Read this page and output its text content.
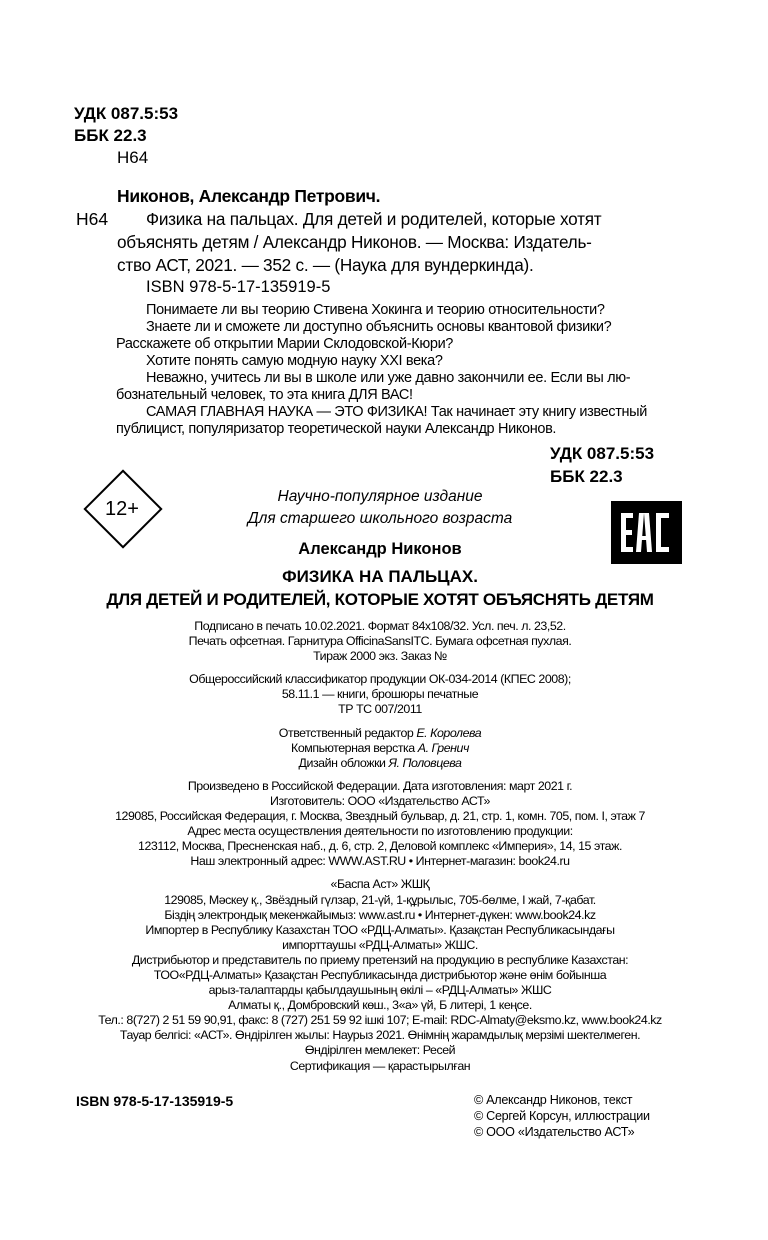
УДК 087.5:53
ББК 22.3
Н64
Никонов, Александр Петрович.
Н64 Физика на пальцах. Для детей и родителей, которые хотят
объяснять детям / Александр Никонов. — Москва: Издатель-
ство АСТ, 2021. — 352 с. — (Наука для вундеркинда).
ISBN 978-5-17-135919-5

Понимаете ли вы теорию Стивена Хокинга и теорию относительности?

Знаете ли и сможете ли доступно объяснить основы квантовой физики?

Расскажете об открытии Марии Склодовской-Кюри?

Хотите понять самую модную науку XXI века?

Неважно, учитесь ли вы в школе или уже давно закончили ее. Если вы лю-

бознательный человек, то эта книга ДЛЯ ВАС!

САМАЯ ГЛАВНАЯ НАУКА — ЭТО ФИЗИКА! Так начинает эту книгу известный

публицист, популяризатор теоретической науки Александр Никонов.

УДК 087.5:53
ББК 22.3
12+
Научно-популярное издание
Для старшего школьного возраста
Александр Никонов
ФИЗИКА НА ПАЛЬЦАХ.
ДЛЯ ДЕТЕЙ И РОДИТЕЛЕЙ, КОТОРЫЕ ХОТЯТ ОБЪЯСНЯТЬ ДЕТЯМ

Подписано в печать 10.02.2021. Формат 84x108/32. Усл. печ. л. 23,52.

Печать офсетная. Гарнитура OfficinaSansITC. Бумага офсетная пухлая.

Тираж 2000 экз. Заказ №

Общероссийский классификатор продукции ОК-034-2014 (КПЕС 2008);

58.11.1 — книги, брошюры печатные

ТР ТС 007/2011

Ответственный редактор Е. Королева

Компьютерная верстка А. Гренич

Дизайн обложки Я. Половцева

Произведено в Российской Федерации. Дата изготовления: март 2021 г.

Изготовитель: ООО «Издательство АСТ»

129085, Российская Федерация, г. Москва, Звездный бульвар, д. 21, стр. 1, комн. 705, пом. I, этаж 7

Адрес места осуществления деятельности по изготовлению продукции:

123112, Москва, Пресненская наб., д. 6, стр. 2, Деловой комплекс «Империя», 14, 15 этаж.

Наш электронный адрес: WWW.AST.RU • Интернет-магазин: book24.ru

«Баспа Аст» ЖШҚ

129085, Мәскеу қ., Звёздный гүлзар, 21-үй, 1-құрылыс, 705-бөлме, I жай, 7-қабат.

Біздің электрондық мекенжайымыз: www.ast.ru • Интернет-дүкен: www.book24.kz

Импортер в Республику Казахстан ТОО «РДЦ-Алматы». Қазақстан Республикасындағы

импорттаушы «РДЦ-Алматы» ЖШС.

Дистрибьютор и представитель по приему претензий на продукцию в республике Казахстан:

ТОО«РДЦ-Алматы» Қазақстан Республикасында дистрибьютор және өнім бойынша

арыз-талаптарды қабылдаушының өкілі – «РДЦ-Алматы» ЖШС

Алматы қ., Домбровский көш., 3«а» үй, Б литері, 1 кеңсе.

Тел.: 8(727) 2 51 59 90,91, факс: 8 (727) 251 59 92 ішкі 107; E-mail: RDC-Almaty@eksmo.kz, www.book24.kz

Тауар белгісі: «АСТ». Өндірілген жылы: Наурыз 2021. Өнімнің жарамдылық мерзімі шектелмеген.

Өндірілген мемлекет: Ресей

Сертификация — қарастырылған

ISBN 978-5-17-135919-5	© Александр Никонов, текст

© Сергей Корсун, иллюстрации

© ООО «Издательство АСТ»
